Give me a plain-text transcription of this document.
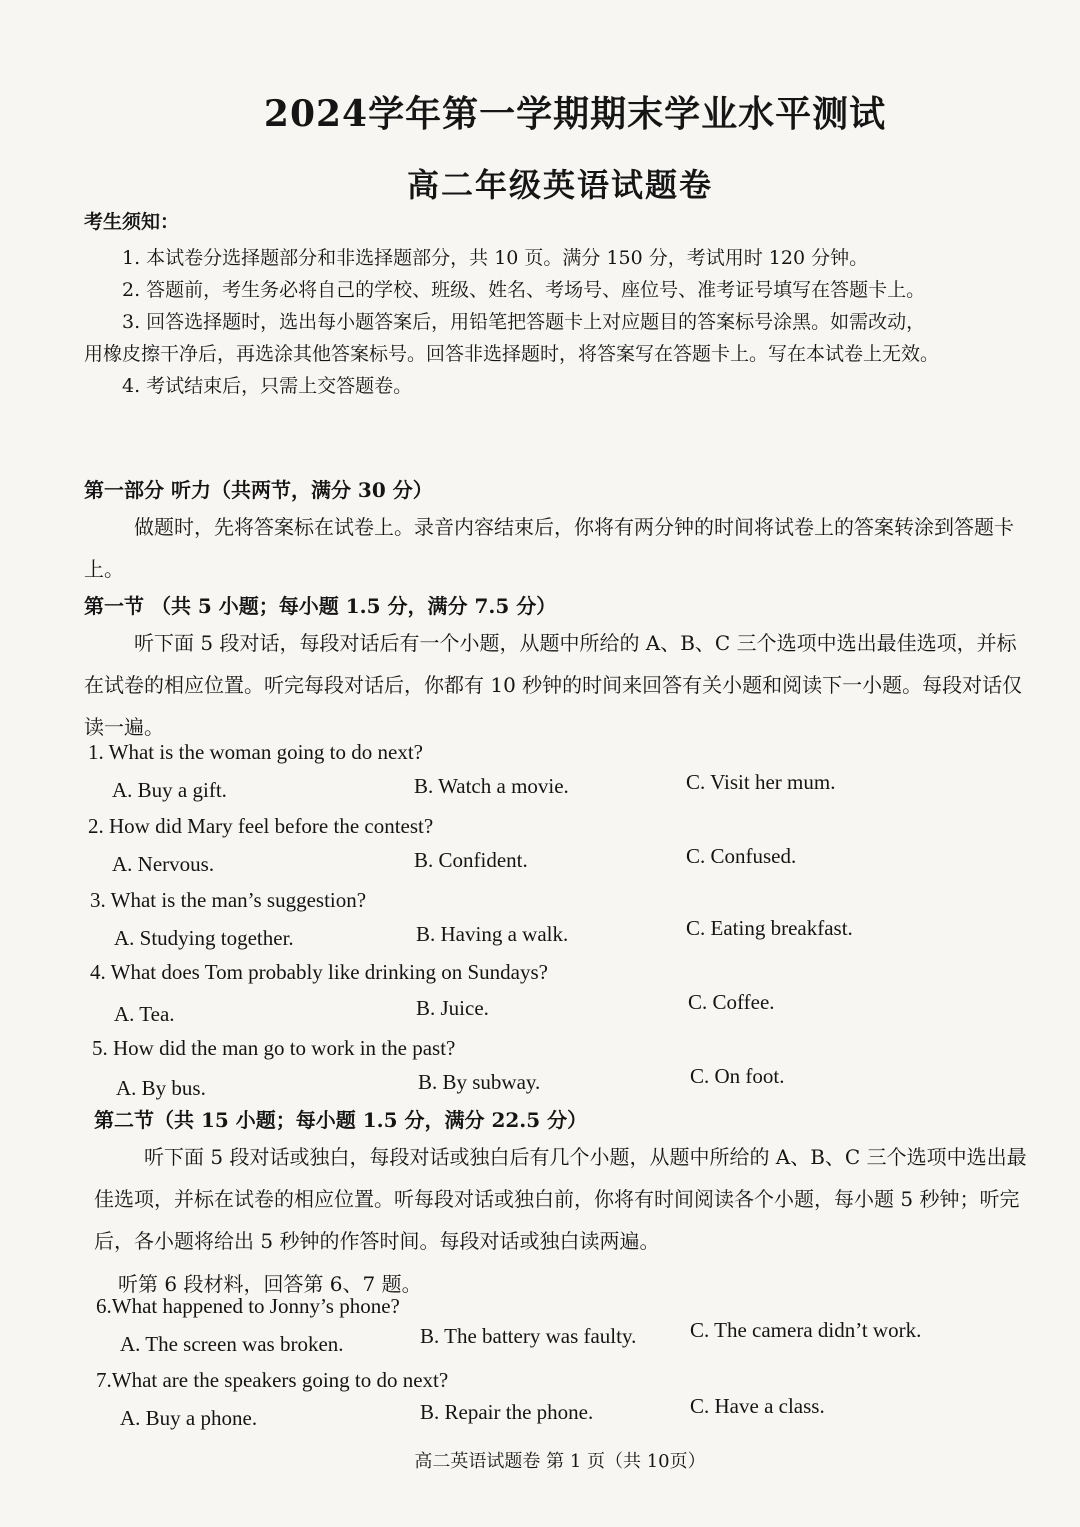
2024学年第一学期期末学业水平测试
高二年级英语试题卷
考生须知：
1. 本试卷分选择题部分和非选择题部分，共 10 页。满分 150 分，考试用时 120 分钟。
2. 答题前，考生务必将自己的学校、班级、姓名、考场号、座位号、准考证号填写在答题卡上。
3. 回答选择题时，选出每小题答案后，用铅笔把答题卡上对应题目的答案标号涂黑。如需改动，
用橡皮擦干净后，再选涂其他答案标号。回答非选择题时，将答案写在答题卡上。写在本试卷上无效。
4. 考试结束后，只需上交答题卷。
第一部分 听力（共两节，满分 30 分）
做题时，先将答案标在试卷上。录音内容结束后，你将有两分钟的时间将试卷上的答案转涂到答题卡上。
第一节 （共 5 小题；每小题 1.5 分，满分 7.5 分）
听下面 5 段对话，每段对话后有一个小题，从题中所给的 A、B、C 三个选项中选出最佳选项，并标在试卷的相应位置。听完每段对话后，你都有 10 秒钟的时间来回答有关小题和阅读下一小题。每段对话仅读一遍。
1. What is the woman going to do next?
A. Buy a gift.	B. Watch a movie.	C. Visit her mum.
2. How did Mary feel before the contest?
A. Nervous.	B. Confident.	C. Confused.
3. What is the man’s suggestion?
A. Studying together.	B. Having a walk.	C. Eating breakfast.
4. What does Tom probably like drinking on Sundays?
A. Tea.	B. Juice.	C. Coffee.
5. How did the man go to work in the past?
A. By bus.	B. By subway.	C. On foot.
第二节（共 15 小题；每小题 1.5 分，满分 22.5 分）
听下面 5 段对话或独白，每段对话或独白后有几个小题，从题中所给的 A、B、C 三个选项中选出最佳选项，并标在试卷的相应位置。听每段对话或独白前，你将有时间阅读各个小题，每小题 5 秒钟；听完后，各小题将给出 5 秒钟的作答时间。每段对话或独白读两遍。
听第 6 段材料，回答第 6、7 题。
6.What happened to Jonny’s phone?
A. The screen was broken.	B. The battery was faulty.	C. The camera didn’t work.
7.What are the speakers going to do next?
A. Buy a phone.	B. Repair the phone.	C. Have a class.
高二英语试题卷 第 1 页（共 10页）
